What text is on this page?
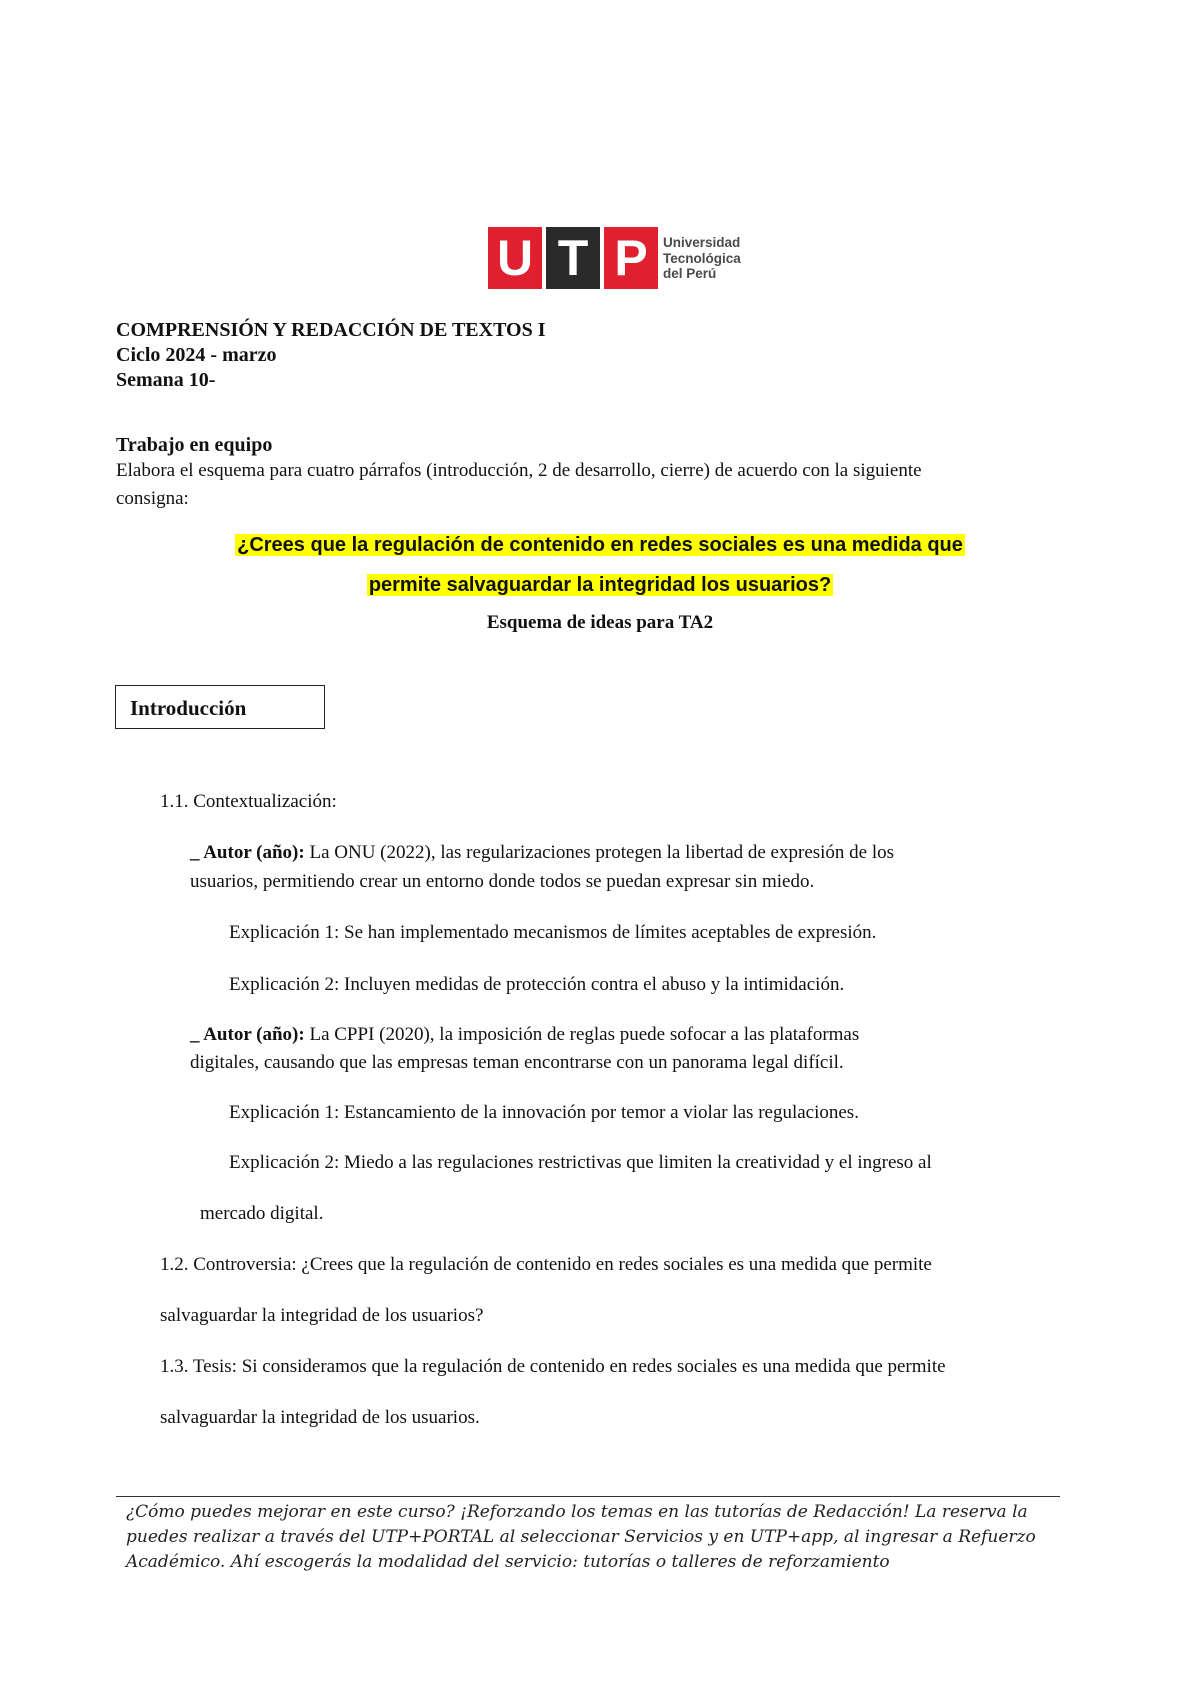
U T P Universidad
Tecnológica
del Perú
COMPRENSIÓN Y REDACCIÓN DE TEXTOS I
Ciclo 2024 - marzo
Semana 10-
Trabajo en equipo
Elabora el esquema para cuatro párrafos (introducción, 2 de desarrollo, cierre) de acuerdo con la siguiente
consigna:
¿Crees que la regulación de contenido en redes sociales es una medida que
permite salvaguardar la integridad los usuarios?
Esquema de ideas para TA2
Introducción
1.1. Contextualización:
_ Autor (año): La ONU (2022), las regularizaciones protegen la libertad de expresión de los
usuarios, permitiendo crear un entorno donde todos se puedan expresar sin miedo.
Explicación 1: Se han implementado mecanismos de límites aceptables de expresión.
Explicación 2: Incluyen medidas de protección contra el abuso y la intimidación.
_ Autor (año): La CPPI (2020), la imposición de reglas puede sofocar a las plataformas
digitales, causando que las empresas teman encontrarse con un panorama legal difícil.
Explicación 1: Estancamiento de la innovación por temor a violar las regulaciones.
Explicación 2: Miedo a las regulaciones restrictivas que limiten la creatividad y el ingreso al
mercado digital.
1.2. Controversia: ¿Crees que la regulación de contenido en redes sociales es una medida que permite
salvaguardar la integridad de los usuarios?
1.3. Tesis: Si consideramos que la regulación de contenido en redes sociales es una medida que permite
salvaguardar la integridad de los usuarios.
¿Cómo puedes mejorar en este curso? ¡Reforzando los temas en las tutorías de Redacción! La reserva la puedes realizar a través del UTP+PORTAL al seleccionar Servicios y en UTP+app, al ingresar a Refuerzo Académico. Ahí escogerás la modalidad del servicio: tutorías o talleres de reforzamiento
